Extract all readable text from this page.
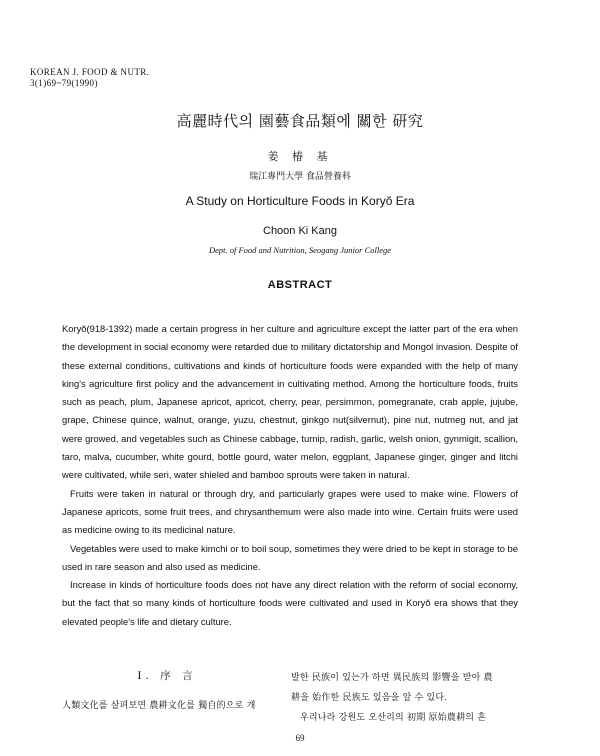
KOREAN J. FOOD & NUTR.
3(1)69~79(1990)
高麗時代의 園藝食品類에 關한 研究
姜 椿 基
瑞江專門大學 食品營養科
A Study on Horticulture Foods in Koryŏ Era
Choon Ki Kang
Dept. of Food and Nutrition, Seogang Junior College
ABSTRACT

Koryŏ(918-1392) made a certain progress in her culture and agriculture except the latter part of the era when the development in social economy were retarded due to military dictatorship and Mongol invasion. Despite of these external conditions, cultivations and kinds of horticulture foods were expanded with the help of many king's agriculture first policy and the advancement in cultivating method. Among the horticulture foods, fruits such as peach, plum, Japanese apricot, apricot, cherry, pear, persimmon, pomegranate, crab apple, jujube, grape, Chinese quince, walnut, orange, yuzu, chestnut, ginkgo nut(silvernut), pine nut, nutmeg nut, and jat were growed, and vegetables such as Chinese cabbage, turnip, radish, garlic, welsh onion, gynmigit, scallion, taro, malva, cucumber, white gourd, bottle gourd, water melon, eggplant, Japanese ginger, ginger and litchi were cultivated, while seri, water shieled and bamboo sprouts were taken in natural.

Fruits were taken in natural or through dry, and particularly grapes were used to make wine. Flowers of Japanese apricots, some fruit trees, and chrysanthemum were also made into wine. Certain fruits were used as medicine owing to its medicinal nature.

Vegetables were used to make kimchi or to boil soup, sometimes they were dried to be kept in storage to be used in rare season and also used as medicine.

Increase in kinds of horticulture foods does not have any direct relation with the reform of social economy, but the fact that so many kinds of horticulture foods were cultivated and used in Koryŏ era shows that they elevated people's life and dietary culture.

I. 序 言
人類文化를 살펴보면 農耕文化를 獨自的으로 개
발한 民族이 있는가 하면 異民族의 影響을 받아 農
耕을 始作한 民族도 있음을 알 수 있다.
우리나라 강원도 오산리의 初期 原始農耕의 흔
69
